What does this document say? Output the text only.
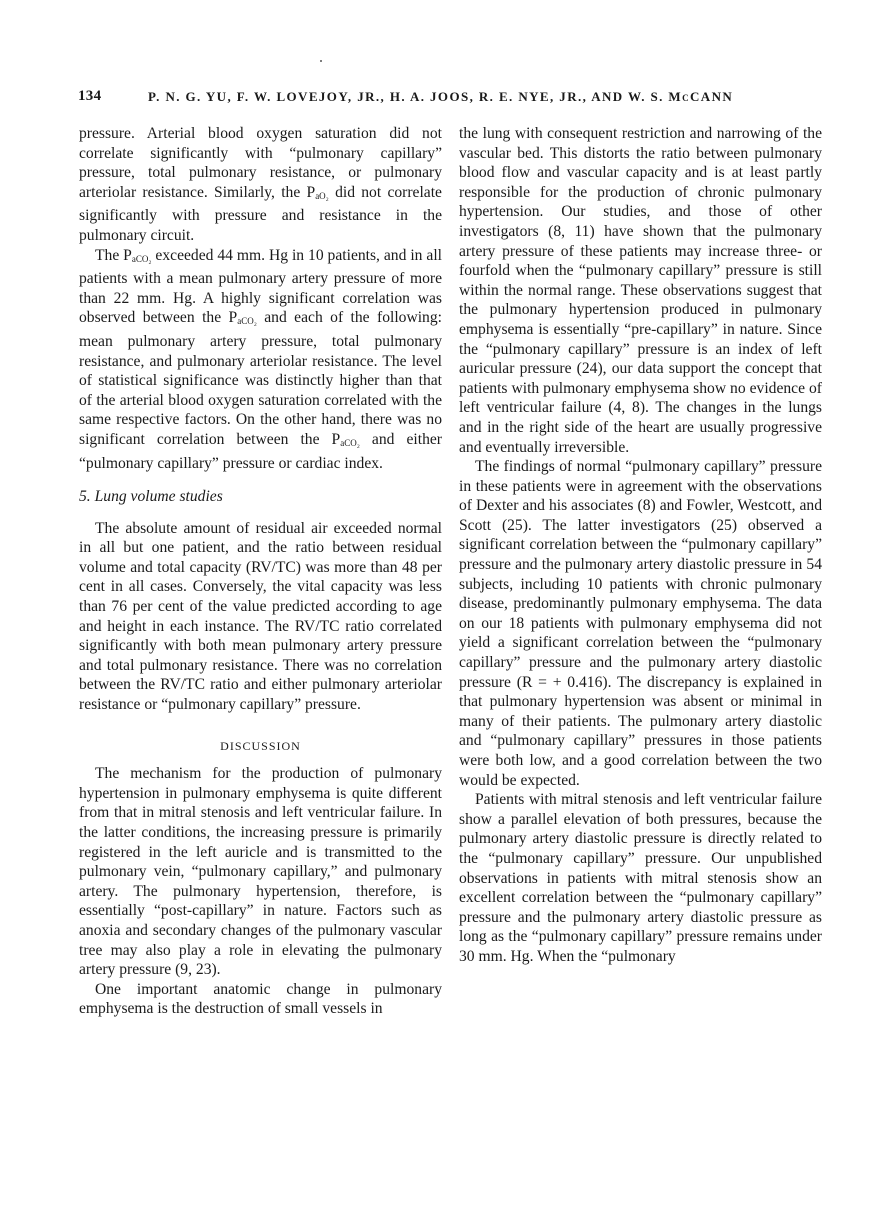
134	P. N. G. YU, F. W. LOVEJOY, JR., H. A. JOOS, R. E. NYE, JR., AND W. S. McCANN

pressure. Arterial blood oxygen saturation did not correlate significantly with “pulmonary capillary” pressure, total pulmonary resistance, or pulmonary arteriolar resistance. Similarly, the $P_{aO_2}$ did not correlate significantly with pressure and resistance in the pulmonary circuit.

The $P_{aCO_2}$ exceeded 44 mm. Hg in 10 patients, and in all patients with a mean pulmonary artery pressure of more than 22 mm. Hg. A highly significant correlation was observed between the $P_{aCO_2}$ and each of the following: mean pulmonary artery pressure, total pulmonary resistance, and pulmonary arteriolar resistance. The level of statistical significance was distinctly higher than that of the arterial blood oxygen saturation correlated with the same respective factors. On the other hand, there was no significant correlation between the $P_{aCO_2}$ and either “pulmonary capillary” pressure or cardiac index.

5. Lung volume studies

The absolute amount of residual air exceeded normal in all but one patient, and the ratio between residual volume and total capacity (RV/TC) was more than 48 per cent in all cases. Conversely, the vital capacity was less than 76 per cent of the value predicted according to age and height in each instance. The RV/TC ratio correlated significantly with both mean pulmonary artery pressure and total pulmonary resistance. There was no correlation between the RV/TC ratio and either pulmonary arteriolar resistance or “pulmonary capillary” pressure.

DISCUSSION

The mechanism for the production of pulmonary hypertension in pulmonary emphysema is quite different from that in mitral stenosis and left ventricular failure. In the latter conditions, the increasing pressure is primarily registered in the left auricle and is transmitted to the pulmonary vein, “pulmonary capillary,” and pulmonary artery. The pulmonary hypertension, therefore, is essentially “post-capillary” in nature. Factors such as anoxia and secondary changes of the pulmonary vascular tree may also play a role in elevating the pulmonary artery pressure (9, 23).

One important anatomic change in pulmonary emphysema is the destruction of small vessels in

the lung with consequent restriction and narrowing of the vascular bed. This distorts the ratio between pulmonary blood flow and vascular capacity and is at least partly responsible for the production of chronic pulmonary hypertension. Our studies, and those of other investigators (8, 11) have shown that the pulmonary artery pressure of these patients may increase three- or fourfold when the “pulmonary capillary” pressure is still within the normal range. These observations suggest that the pulmonary hypertension produced in pulmonary emphysema is essentially “pre-capillary” in nature. Since the “pulmonary capillary” pressure is an index of left auricular pressure (24), our data support the concept that patients with pulmonary emphysema show no evidence of left ventricular failure (4, 8). The changes in the lungs and in the right side of the heart are usually progressive and eventually irreversible.

The findings of normal “pulmonary capillary” pressure in these patients were in agreement with the observations of Dexter and his associates (8) and Fowler, Westcott, and Scott (25). The latter investigators (25) observed a significant correlation between the “pulmonary capillary” pressure and the pulmonary artery diastolic pressure in 54 subjects, including 10 patients with chronic pulmonary disease, predominantly pulmonary emphysema. The data on our 18 patients with pulmonary emphysema did not yield a significant correlation between the “pulmonary capillary” pressure and the pulmonary artery diastolic pressure (R = + 0.416). The discrepancy is explained in that pulmonary hypertension was absent or minimal in many of their patients. The pulmonary artery diastolic and “pulmonary capillary” pressures in those patients were both low, and a good correlation between the two would be expected.

Patients with mitral stenosis and left ventricular failure show a parallel elevation of both pressures, because the pulmonary artery diastolic pressure is directly related to the “pulmonary capillary” pressure. Our unpublished observations in patients with mitral stenosis show an excellent correlation between the “pulmonary capillary” pressure and the pulmonary artery diastolic pressure as long as the “pulmonary capillary” pressure remains under 30 mm. Hg. When the “pulmonary
